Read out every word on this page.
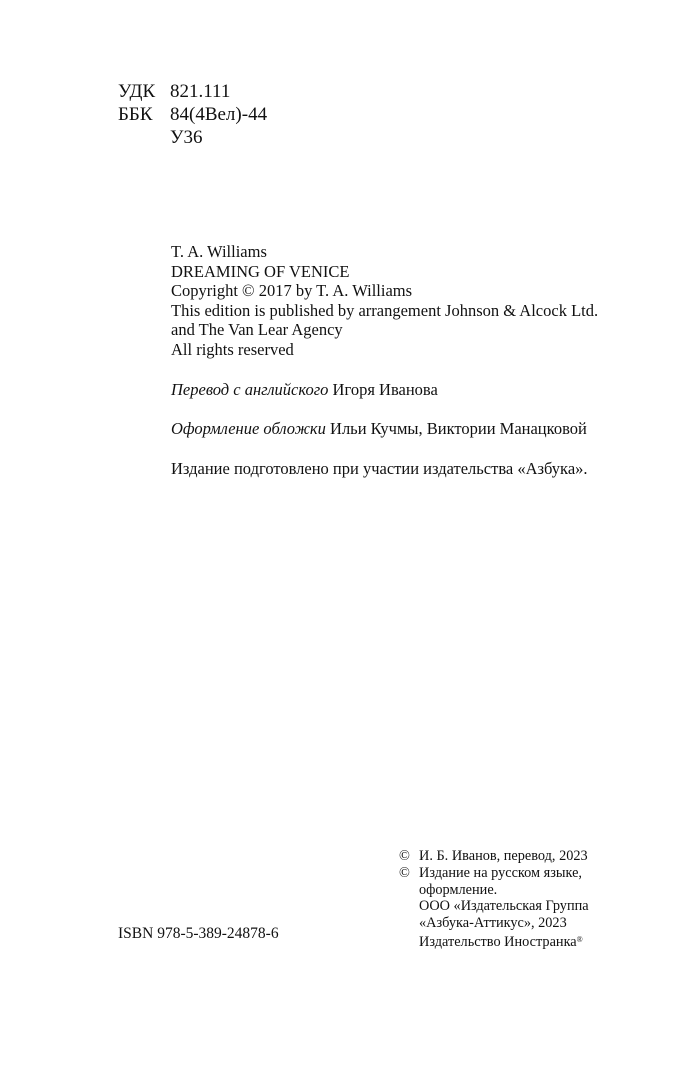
УДК 821.111
ББК 84(4Вел)-44
У36
T. A. Williams
DREAMING OF VENICE
Copyright © 2017 by T. A. Williams
This edition is published by arrangement Johnson & Alcock Ltd.
and The Van Lear Agency
All rights reserved
Перевод с английского Игоря Иванова
Оформление обложки Ильи Кучмы, Виктории Манацковой
Издание подготовлено при участии издательства «Азбука».
© И. Б. Иванов, перевод, 2023
© Издание на русском языке,
оформление.
ООО «Издательская Группа
«Азбука-Аттикус», 2023
Издательство Иностранка®
ISBN 978-5-389-24878-6
